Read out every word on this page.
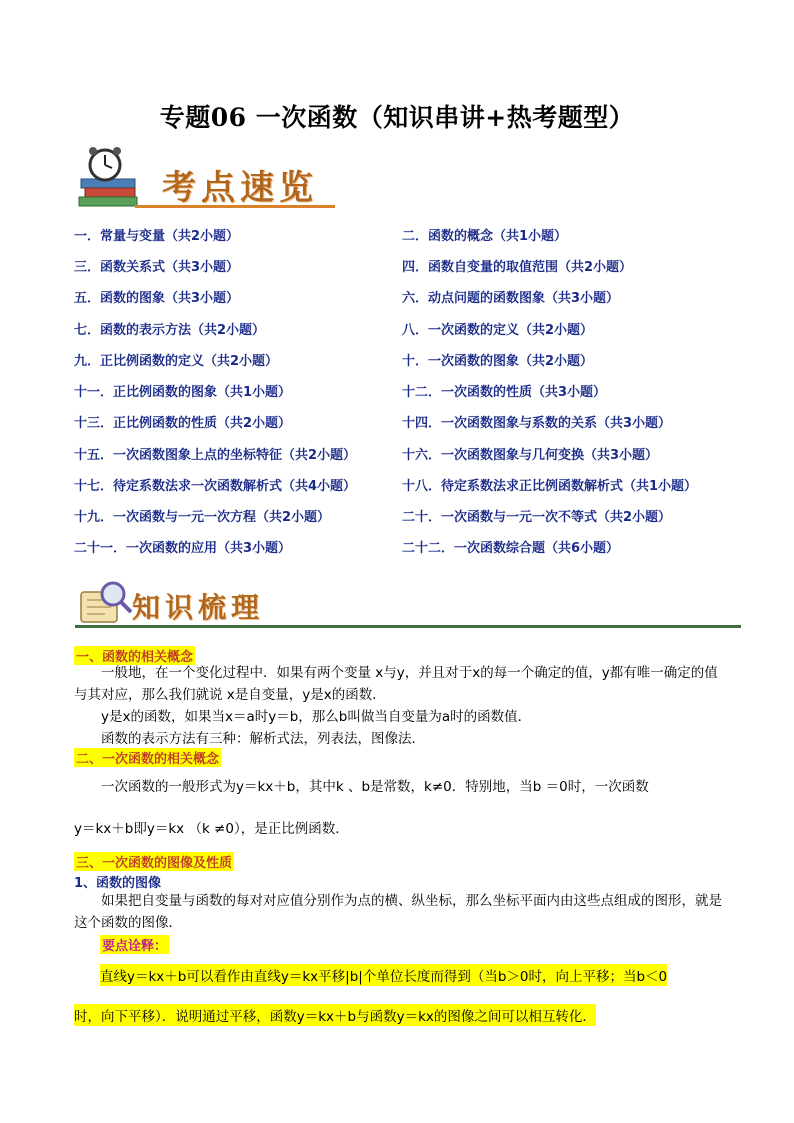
专题06 一次函数（知识串讲+热考题型）
考点速览
一．常量与变量（共2小题）	二．函数的概念（共1小题）
三．函数关系式（共3小题）	四．函数自变量的取值范围（共2小题）
五．函数的图象（共3小题）	六．动点问题的函数图象（共3小题）
七．函数的表示方法（共2小题）	八．一次函数的定义（共2小题）
九．正比例函数的定义（共2小题）	十．一次函数的图象（共2小题）
十一．正比例函数的图象（共1小题）	十二．一次函数的性质（共3小题）
十三．正比例函数的性质（共2小题）	十四．一次函数图象与系数的关系（共3小题）
十五．一次函数图象上点的坐标特征（共2小题）	十六．一次函数图象与几何变换（共3小题）
十七．待定系数法求一次函数解析式（共4小题）	十八．待定系数法求正比例函数解析式（共1小题）
十九．一次函数与一元一次方程（共2小题）	二十．一次函数与一元一次不等式（共2小题）
二十一．一次函数的应用（共3小题）	二十二．一次函数综合题（共6小题）
知识梳理
一、函数的相关概念
一般地，在一个变化过程中．如果有两个变量 x与y，并且对于x的每一个确定的值，y都有唯一确定的值与其对应，那么我们就说 x是自变量，y是x的函数．
y是x的函数，如果当x＝a时y＝b，那么b叫做当自变量为a时的函数值．
函数的表示方法有三种：解析式法，列表法，图像法．
二、一次函数的相关概念
一次函数的一般形式为y＝kx＋b，其中k 、b是常数，k≠0．特别地，当b ＝0时，一次函数
y＝kx＋b即y＝kx （k ≠0），是正比例函数．
三、一次函数的图像及性质
1、函数的图像
如果把自变量与函数的每对对应值分别作为点的横、纵坐标，那么坐标平面内由这些点组成的图形，就是这个函数的图像．
要点诠释：
直线y＝kx＋b可以看作由直线y＝kx平移|b|个单位长度而得到（当b＞0时，向上平移；当b＜0
时，向下平移）．说明通过平移，函数y＝kx＋b与函数y＝kx的图像之间可以相互转化．
